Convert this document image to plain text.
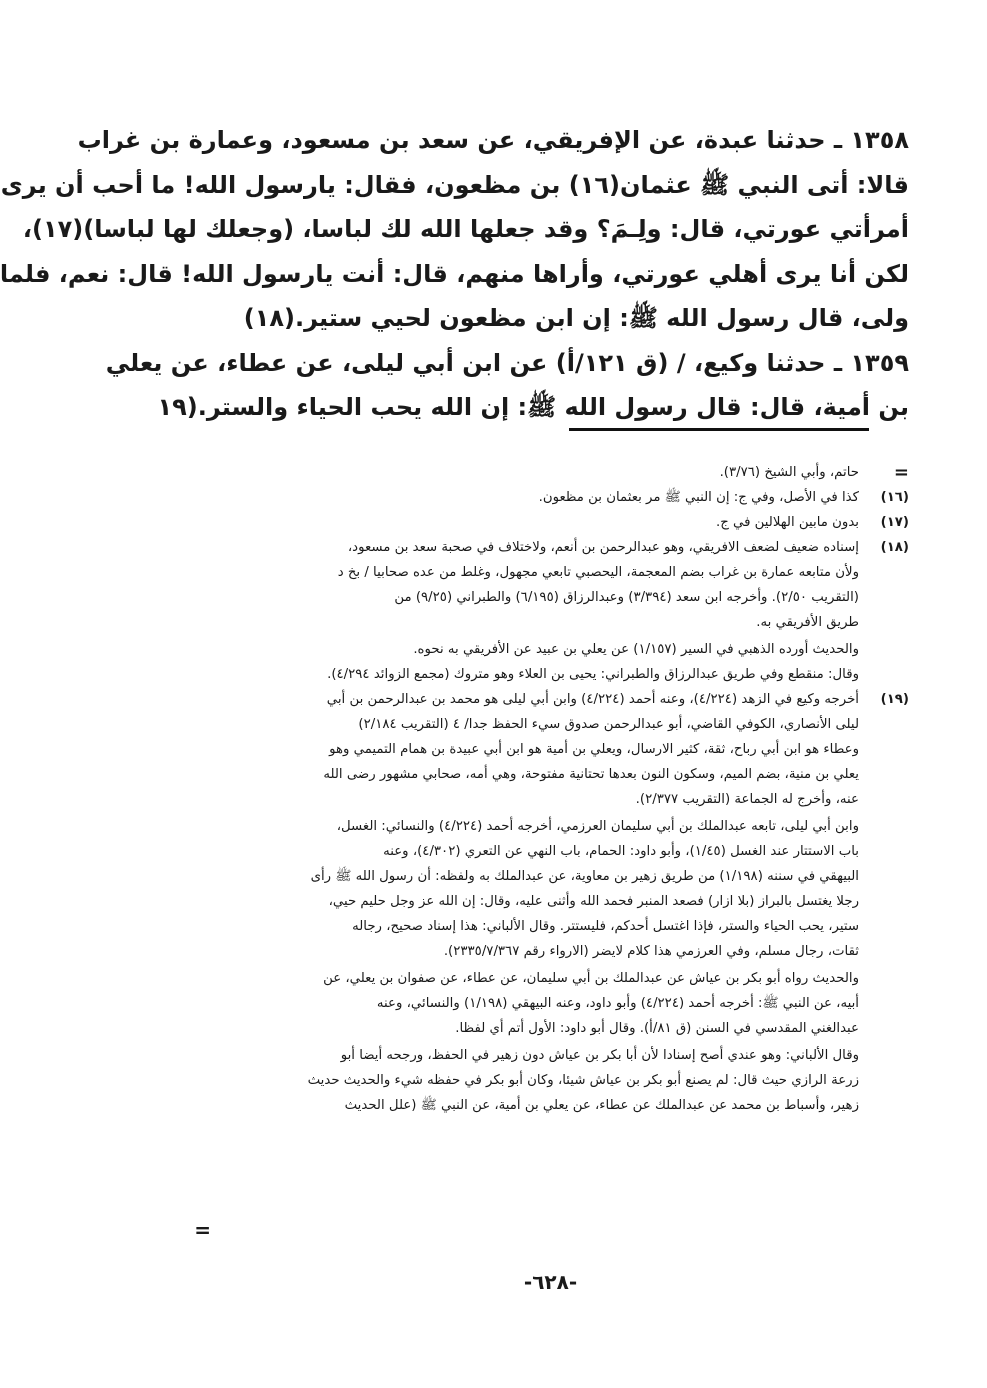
١٣٥٨ ـ حدثنا عبدة، عن الإفريقي، عن سعد بن مسعود، وعمارة بن غراب
قالا: أتى النبي ﷺ عثمان(١٦) بن مظعون، فقال: يارسول الله! ما أحب أن يرى
أمرأتي عورتي، قال: ولِـمَ؟ وقد جعلها الله لك لباسا، (وجعلك لها لباسا)(١٧)،
لكن أنا يرى أهلي عورتي، وأراها منهم، قال: أنت يارسول الله! قال: نعم، فلما
ولى، قال رسول الله ﷺ: إن ابن مظعون لحيي ستير.(١٨)
١٣٥٩ ـ حدثنا وكيع، / (ق ١٢١/أ) عن ابن أبي ليلى، عن عطاء، عن يعلي
بن أمية، قال: قال رسول الله ﷺ: إن الله يحب الحياء والستر.(١٩
=
حاتم، وأبي الشيخ (٣/٧٦).
(١٦)
كذا في الأصل، وفي ج: إن النبي ﷺ مر بعثمان بن مظعون.
(١٧)
بدون مابين الهلالين في ج.
(١٨)
إسناده ضعيف لضعف الافريقي، وهو عبدالرحمن بن أنعم، ولاختلاف في صحبة سعد بن مسعود،
ولأن متابعه عمارة بن غراب بضم المعجمة، اليحصبي تابعي مجهول، وغلط من عده صحابيا / بخ د
(التقريب ٢/٥٠). وأخرجه ابن سعد (٣/٣٩٤) وعبدالرزاق (٦/١٩٥) والطبراني (٩/٢٥) من
طريق الأفريقي به.
والحديث أورده الذهبي في السير (١/١٥٧) عن يعلي بن عبيد عن الأفريقي به نحوه.
وقال: منقطع وفي طريق عبدالرزاق والطبراني: يحيى بن العلاء وهو متروك (مجمع الزوائد ٤/٢٩٤).
(١٩)
أخرجه وكيع في الزهد (٤/٢٢٤)، وعنه أحمد (٤/٢٢٤) وابن أبي ليلى هو محمد بن عبدالرحمن بن أبي
ليلى الأنصاري، الكوفي القاضي، أبو عبدالرحمن صدوق سيء الحفظ جدا/ ٤ (التقريب ٢/١٨٤)
وعطاء هو ابن أبي رباح، ثقة، كثير الارسال، ويعلي بن أمية هو ابن أبي عبيدة بن همام التميمي وهو
يعلي بن منية، بضم الميم، وسكون النون بعدها تحتانية مفتوحة، وهي أمه، صحابي مشهور رضى الله
عنه، وأخرج له الجماعة (التقريب ٢/٣٧٧).
وابن أبي ليلى، تابعه عبدالملك بن أبي سليمان العرزمي، أخرجه أحمد (٤/٢٢٤) والنسائي: الغسل،
باب الاستتار عند الغسل (١/٤٥)، وأبو داود: الحمام، باب النهي عن التعري (٤/٣٠٢)، وعنه
البيهقي في سننه (١/١٩٨) من طريق زهير بن معاوية، عن عبدالملك به ولفظه: أن رسول الله ﷺ رأى
رجلا يغتسل بالبراز (بلا ازار) فصعد المنبر فحمد الله وأثنى عليه، وقال: إن الله عز وجل حليم حيي،
ستير، يحب الحياء والستر، فإذا اغتسل أحدكم، فليستتر. وقال الألباني: هذا إسناد صحيح، رجاله
ثقات، رجال مسلم، وفي العرزمي هذا كلام لايضر (الارواء رقم ٢٣٣٥/٧/٣٦٧).
والحديث رواه أبو بكر بن عياش عن عبدالملك بن أبي سليمان، عن عطاء، عن صفوان بن يعلي، عن
أبيه، عن النبي ﷺ: أخرجه أحمد (٤/٢٢٤) وأبو داود، وعنه البيهقي (١/١٩٨) والنسائي، وعنه
عبدالغني المقدسي في السنن (ق ٨١/أ). وقال أبو داود: الأول أتم أي لفظا.
وقال الألباني: وهو عندي أصح إسنادا لأن أبا بكر بن عياش دون زهير في الحفظ، ورجحه أيضا أبو
زرعة الرازي حيث قال: لم يصنع أبو بكر بن عياش شيئا، وكان أبو بكر في حفظه شيء والحديث حديث
زهير، وأسباط بن محمد عن عبدالملك عن عطاء، عن يعلي بن أمية، عن النبي ﷺ (علل الحديث
=
-٦٢٨-
